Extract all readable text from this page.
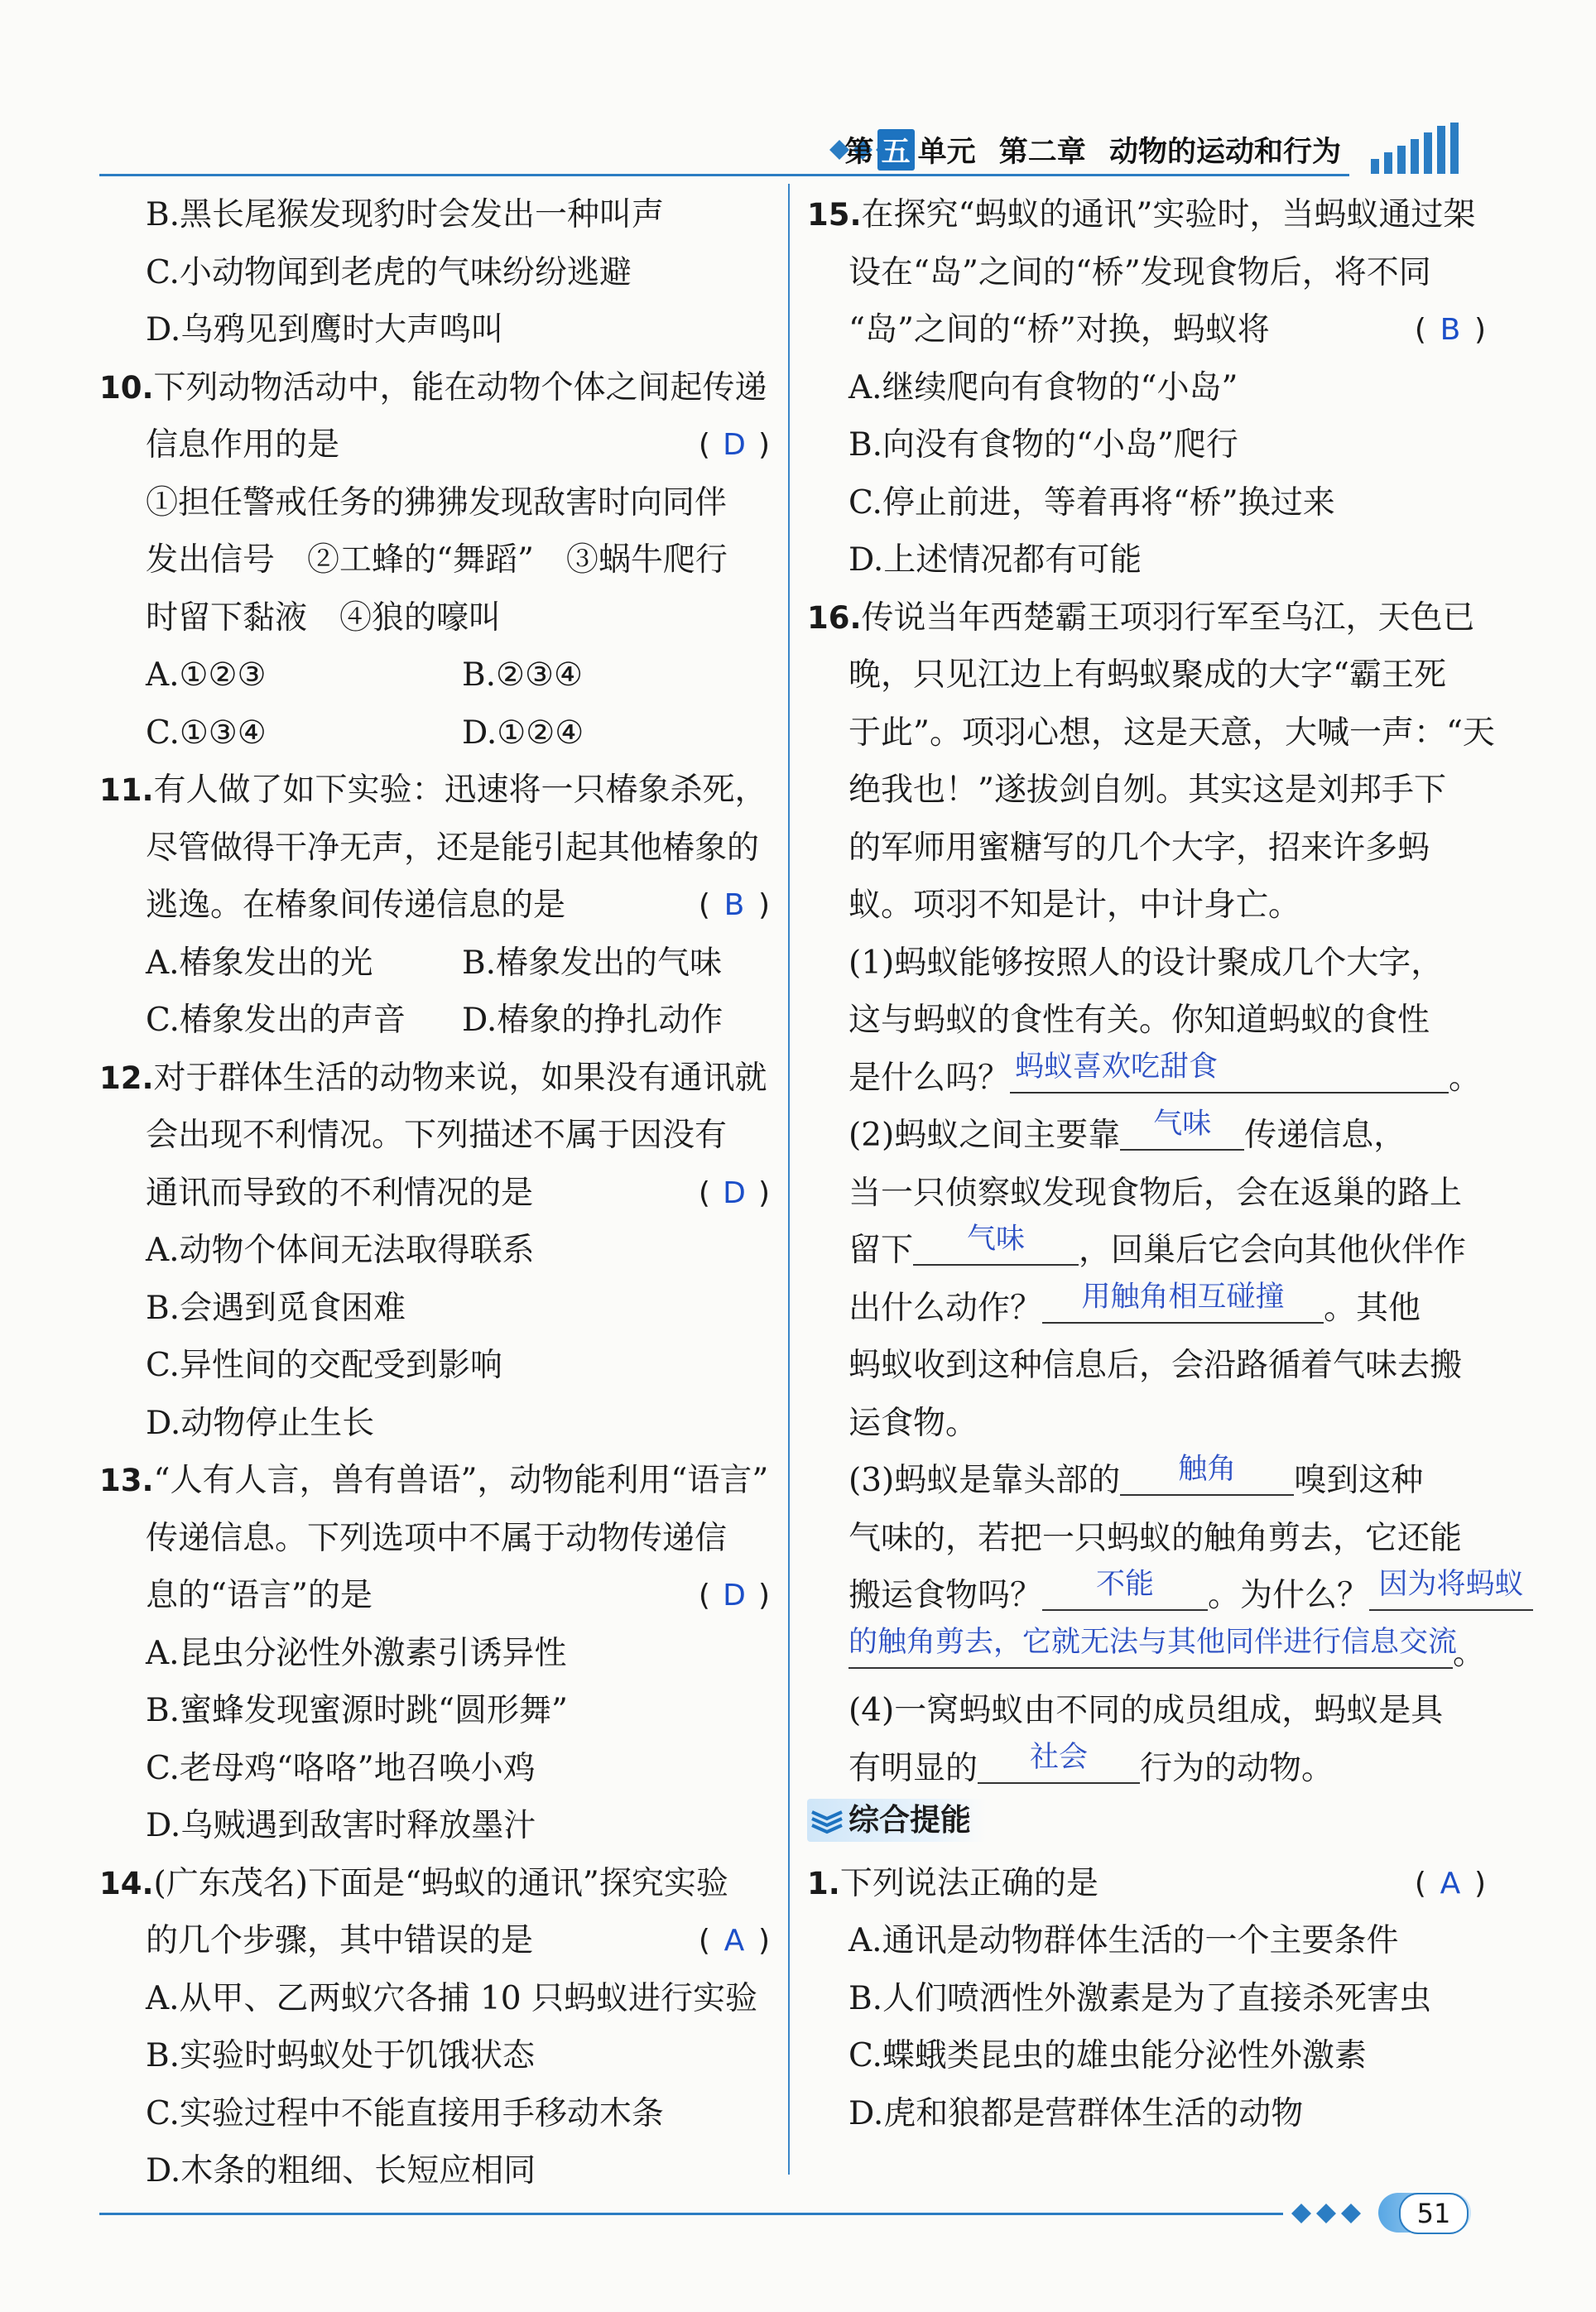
第 五 单元 第二章 动物的运动和行为
B.黑长尾猴发现豹时会发出一种叫声
C.小动物闻到老虎的气味纷纷逃避
D.乌鸦见到鹰时大声鸣叫
10.下列动物活动中，能在动物个体之间起传递
信息作用的是	( D )
①担任警戒任务的狒狒发现敌害时向同伴
发出信号　②工蜂的“舞蹈”　③蜗牛爬行
时留下黏液　④狼的嚎叫
A.①②③	B.②③④
C.①③④	D.①②④
11.有人做了如下实验：迅速将一只椿象杀死，
尽管做得干净无声，还是能引起其他椿象的
逃逸。在椿象间传递信息的是	( B )
A.椿象发出的光	B.椿象发出的气味
C.椿象发出的声音 D.椿象的挣扎动作
12.对于群体生活的动物来说，如果没有通讯就
会出现不利情况。下列描述不属于因没有
通讯而导致的不利情况的是	( D )
A.动物个体间无法取得联系
B.会遇到觅食困难
C.异性间的交配受到影响
D.动物停止生长
13.“人有人言，兽有兽语”，动物能利用“语言”
传递信息。下列选项中不属于动物传递信
息的“语言”的是	( D )
A.昆虫分泌性外激素引诱异性
B.蜜蜂发现蜜源时跳“圆形舞”
C.老母鸡“咯咯”地召唤小鸡
D.乌贼遇到敌害时释放墨汁
14.(广东茂名)下面是“蚂蚁的通讯”探究实验
的几个步骤，其中错误的是	( A )
A.从甲、乙两蚁穴各捕 10 只蚂蚁进行实验
B.实验时蚂蚁处于饥饿状态
C.实验过程中不能直接用手移动木条
D.木条的粗细、长短应相同
15.在探究“蚂蚁的通讯”实验时，当蚂蚁通过架
设在“岛”之间的“桥”发现食物后，将不同
“岛”之间的“桥”对换，蚂蚁将	( B )
A.继续爬向有食物的“小岛”
B.向没有食物的“小岛”爬行
C.停止前进，等着再将“桥”换过来
D.上述情况都有可能
16.传说当年西楚霸王项羽行军至乌江，天色已
晚，只见江边上有蚂蚁聚成的大字“霸王死
于此”。项羽心想，这是天意，大喊一声：“天
绝我也！”遂拔剑自刎。其实这是刘邦手下
的军师用蜜糖写的几个大字，招来许多蚂
蚁。项羽不知是计，中计身亡。
(1)蚂蚁能够按照人的设计聚成几个大字，
这与蚂蚁的食性有关。你知道蚂蚁的食性
是什么吗？ 蚂蚁喜欢吃甜食	。
(2)蚂蚁之间主要靠	气味	传递信息，
当一只侦察蚁发现食物后，会在返巢的路上
留下	气味	，回巢后它会向其他伙伴作
出什么动作？	用触角相互碰撞	。其他
蚂蚁收到这种信息后，会沿路循着气味去搬
运食物。
(3)蚂蚁是靠头部的	触角	嗅到这种
气味的，若把一只蚂蚁的触角剪去，它还能
搬运食物吗？	不能	。为什么？ 因为将蚂蚁
的触角剪去，它就无法与其他同伴进行信息交流
。
(4)一窝蚂蚁由不同的成员组成，蚂蚁是具
有明显的	社会	行为的动物。
综合提能
1.下列说法正确的是	( A )
A.通讯是动物群体生活的一个主要条件
B.人们喷洒性外激素是为了直接杀死害虫
C.蝶蛾类昆虫的雄虫能分泌性外激素
D.虎和狼都是营群体生活的动物
51
